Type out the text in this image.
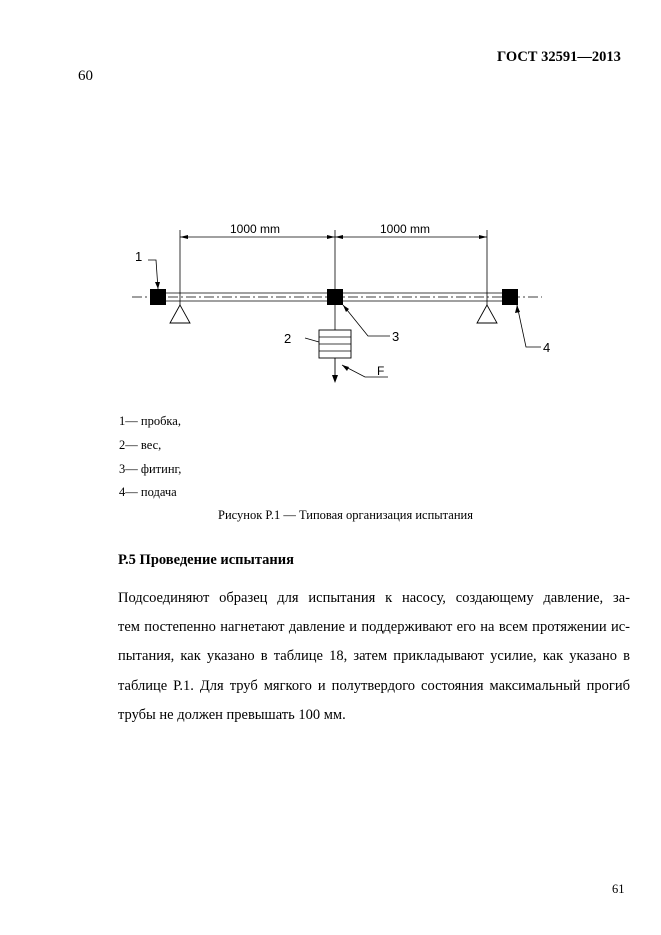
ГОСТ 32591—2013
60
1000 mm	1000 mm
1
2	3
4
F
1— пробка,
2— вес,
3— фитинг,
4— подача
Рисунок Р.1 — Типовая организация испытания
Р.5 Проведение испытания
Подсоединяют образец для испытания к насосу, создающему давление, за-
тем постепенно нагнетают давление и поддерживают его на всем протяжении ис-
пытания, как указано в таблице 18, затем прикладывают усилие, как указано в
таблице Р.1. Для труб мягкого и полутвердого состояния максимальный прогиб
трубы не должен превышать 100 мм.
61
